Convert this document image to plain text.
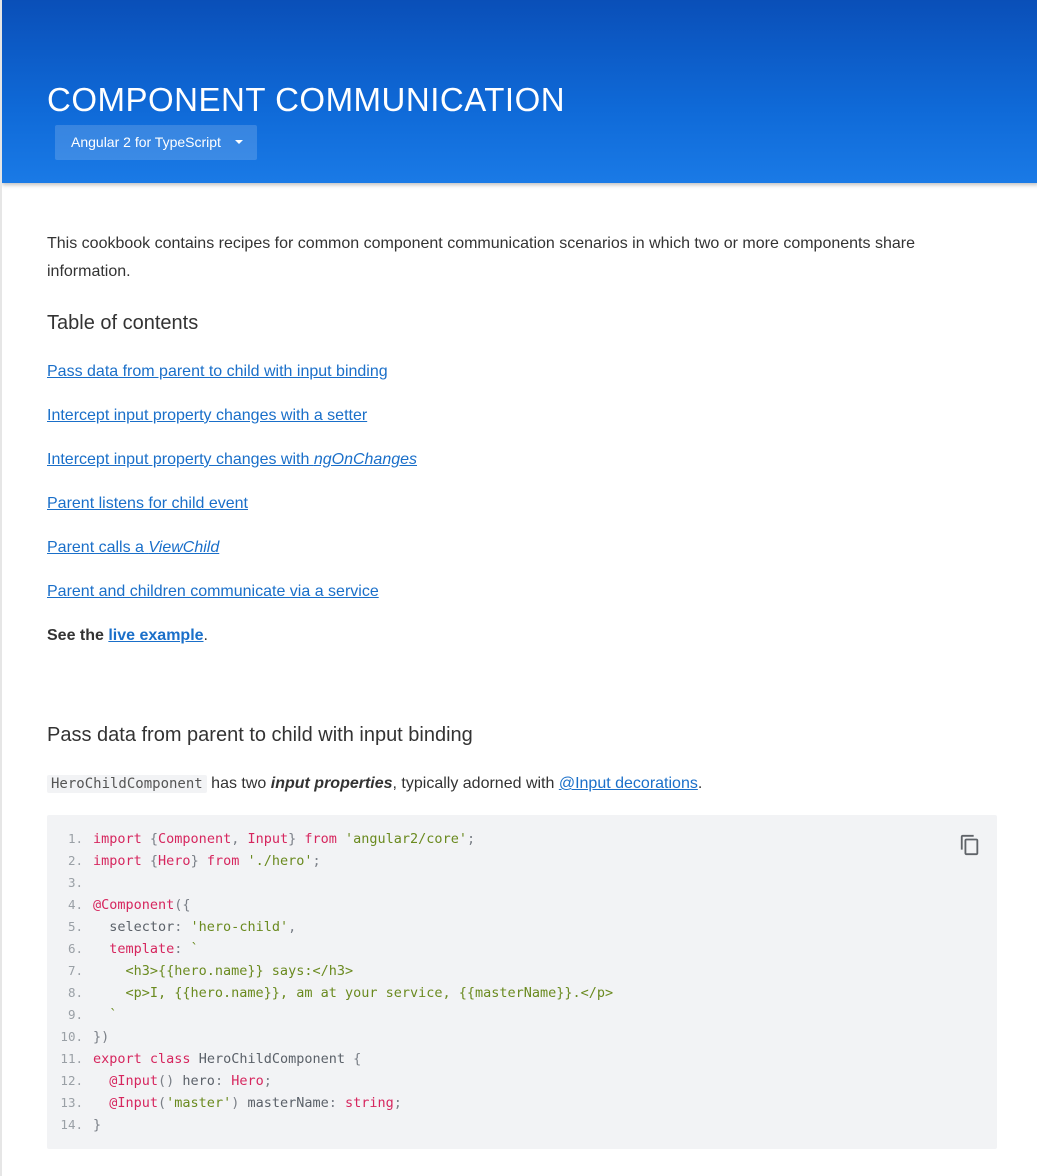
COMPONENT COMMUNICATION
Angular 2 for TypeScript

This cookbook contains recipes for common component communication scenarios in which two or more components share information.

Table of contents
Pass data from parent to child with input binding
Intercept input property changes with a setter
Intercept input property changes with ngOnChanges
Parent listens for child event
Parent calls a ViewChild
Parent and children communicate via a service

See the live example.

Pass data from parent to child with input binding

HeroChildComponent has two input properties, typically adorned with @Input decorations.

1. import {Component, Input} from 'angular2/core';
2. import {Hero} from './hero';
3.
4. @Component({
5. selector: 'hero-child',
6. template: `
7. <h3>{{hero.name}} says:</h3>
8. <p>I, {{hero.name}}, am at your service, {{masterName}}.</p>
9. `
10. })
11. export class HeroChildComponent {
12. @Input() hero: Hero;
13. @Input('master') masterName: string;
14. }
